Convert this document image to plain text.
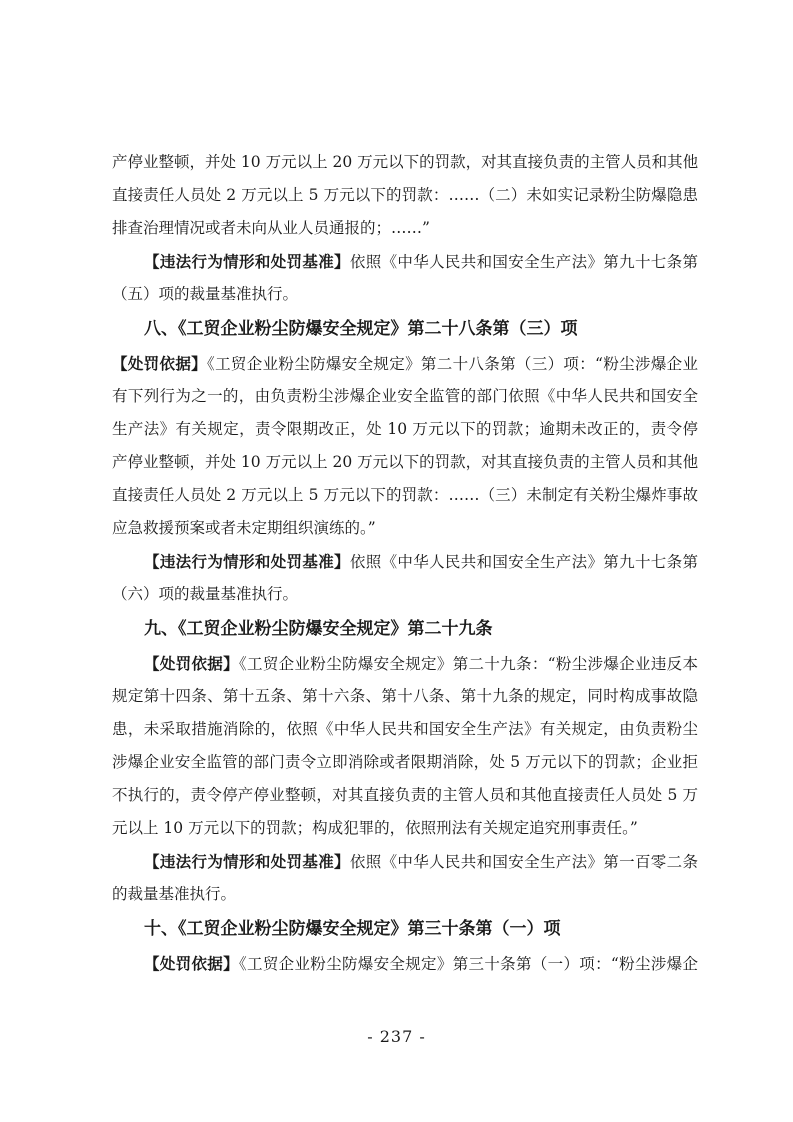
产停业整顿，并处 10 万元以上 20 万元以下的罚款，对其直接负责的主管人员和其他
直接责任人员处 2 万元以上 5 万元以下的罚款：……（二）未如实记录粉尘防爆隐患
排查治理情况或者未向从业人员通报的；……”
【违法行为情形和处罚基准】依照《中华人民共和国安全生产法》第九十七条第
（五）项的裁量基准执行。
八、《工贸企业粉尘防爆安全规定》第二十八条第（三）项
【处罚依据】《工贸企业粉尘防爆安全规定》第二十八条第（三）项：“粉尘涉爆企业
有下列行为之一的，由负责粉尘涉爆企业安全监管的部门依照《中华人民共和国安全
生产法》有关规定，责令限期改正，处 10 万元以下的罚款；逾期未改正的，责令停
产停业整顿，并处 10 万元以上 20 万元以下的罚款，对其直接负责的主管人员和其他
直接责任人员处 2 万元以上 5 万元以下的罚款：……（三）未制定有关粉尘爆炸事故
应急救援预案或者未定期组织演练的。”
【违法行为情形和处罚基准】依照《中华人民共和国安全生产法》第九十七条第
（六）项的裁量基准执行。
九、《工贸企业粉尘防爆安全规定》第二十九条
【处罚依据】《工贸企业粉尘防爆安全规定》第二十九条：“粉尘涉爆企业违反本
规定第十四条、第十五条、第十六条、第十八条、第十九条的规定，同时构成事故隐
患，未采取措施消除的，依照《中华人民共和国安全生产法》有关规定，由负责粉尘
涉爆企业安全监管的部门责令立即消除或者限期消除，处 5 万元以下的罚款；企业拒
不执行的，责令停产停业整顿，对其直接负责的主管人员和其他直接责任人员处 5 万
元以上 10 万元以下的罚款；构成犯罪的，依照刑法有关规定追究刑事责任。”
【违法行为情形和处罚基准】依照《中华人民共和国安全生产法》第一百零二条
的裁量基准执行。
十、《工贸企业粉尘防爆安全规定》第三十条第（一）项
【处罚依据】《工贸企业粉尘防爆安全规定》第三十条第（一）项：“粉尘涉爆企
- 237 -
